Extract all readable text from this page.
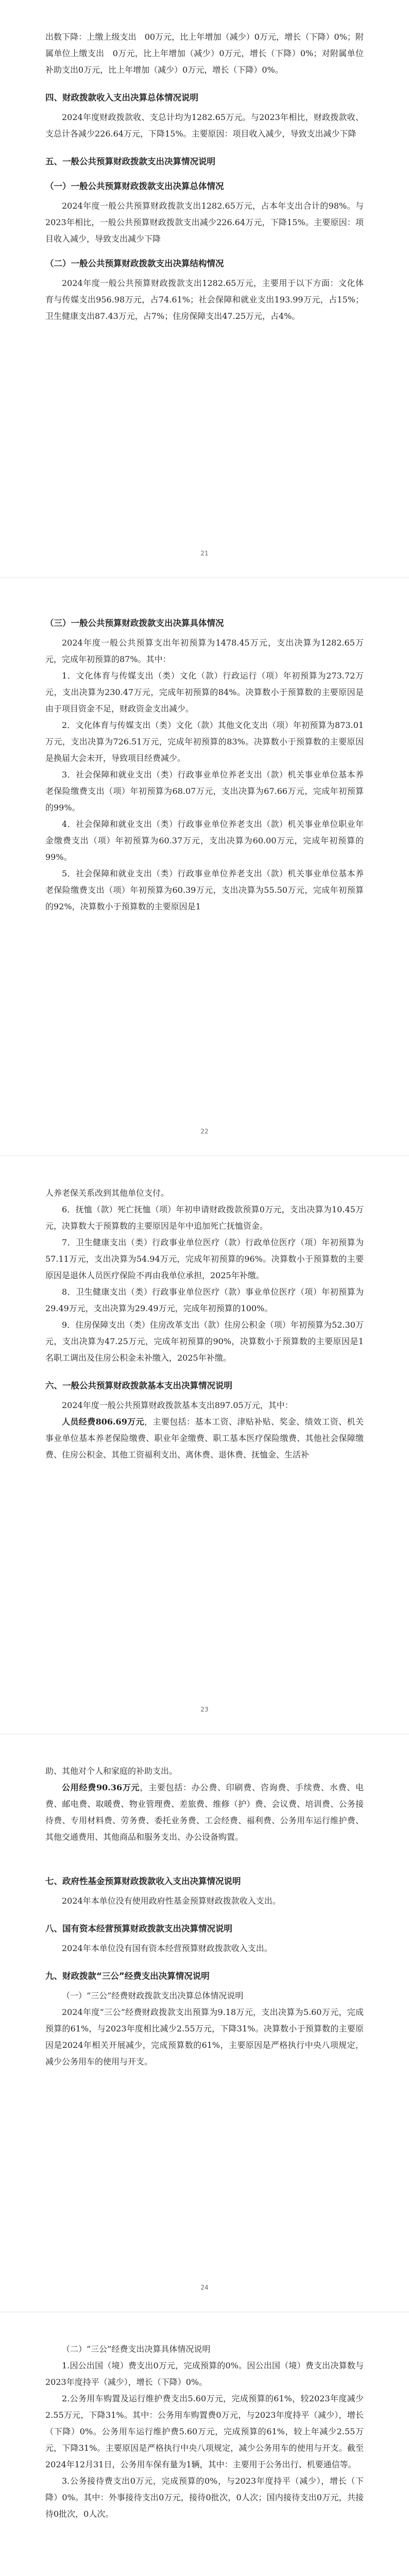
出数下降：上缴上级支出　00万元，比上年增加（减少）0万元，增长（下降）0%；附属单位上缴支出　0万元，比上年增加（减少）0万元，增长（下降）0%；对附属单位补助支出0万元，比上年增加（减少）0万元，增长（下降）0%。

四、财政拨款收入支出决算总体情况说明

2024年度财政拨款收、支总计均为1282.65万元。与2023年相比，财政拨款收、支总计各减少226.64万元，下降15%。主要原因：项目收入减少，导致支出减少下降

五、一般公共预算财政拨款支出决算情况说明

（一）一般公共预算财政拨款支出决算总体情况

2024年度一般公共预算财政拨款支出1282.65万元，占本年支出合计的98%。与2023年相比，一般公共预算财政拨款支出减少226.64万元，下降15%。主要原因：项目收入减少，导致支出减少下降

（二）一般公共预算财政拨款支出决算结构情况

2024年度一般公共预算财政拨款支出1282.65万元，主要用于以下方面：文化体育与传媒支出956.98万元，占74.61%；社会保障和就业支出193.99万元，占15%；卫生健康支出87.43万元，占7%；住房保障支出47.25万元，占4%。

21

（三）一般公共预算财政拨款支出决算具体情况

2024年度一般公共预算支出年初预算为1478.45万元，支出决算为1282.65万元，完成年初预算的87%。其中：

1．文化体育与传媒支出（类）文化（款）行政运行（项）年初预算为273.72万元，支出决算为230.47万元，完成年初预算的84%。决算数小于预算数的主要原因是由于项目资金不足，财政资金支出减少。

2．文化体育与传媒支出（类）文化（款）其他文化支出（项）年初预算为873.01万元，支出决算为726.51万元，完成年初预算的83%。决算数小于预算数的主要原因是换届大会未开，导致项目经费减少。

3．社会保障和就业支出（类）行政事业单位养老支出（款）机关事业单位基本养老保险缴费支出（项）年初预算为68.07万元，支出决算为67.66万元，完成年初预算的99%。

4．社会保障和就业支出（类）行政事业单位养老支出（款）机关事业单位职业年金缴费支出（项）年初预算为60.37万元，支出决算为60.00万元，完成年初预算的99%。

5．社会保障和就业支出（类）行政事业单位养老支出（款）机关事业单位基本养老保险缴费支出（项）年初预算为60.39万元，支出决算为55.50万元，完成年初预算的92%，决算数小于预算数的主要原因是1

22

人养老保关系改到其他单位支付。

6．抚恤（款）死亡抚恤（项）年初申请财政拨款预算0万元，支出决算为10.45万元，决算数大于预算数的主要原因是年中追加死亡抚恤资金。

7．卫生健康支出（类）行政事业单位医疗（款）行政单位医疗（项）年初预算为57.11万元，支出决算为54.94万元，完成年初预算的96%。决算数小于预算数的主要原因是退休人员医疗保险不再由我单位承担，2025年补缴。

8．卫生健康支出（类）行政事业单位医疗（款）事业单位医疗（项）年初预算为29.49万元，支出决算为29.49万元，完成年初预算的100%。

9．住房保障支出（类）住房改革支出（款）住房公积金（项）年初预算为52.30万元，支出决算为47.25万元，完成年初预算的90%，决算数小于预算数的主要原因是1名职工调出及住房公积金未补缴入，2025年补缴。

六、一般公共预算财政拨款基本支出决算情况说明

2024年度一般公共预算财政拨款基本支出897.05万元，其中：

人员经费806.69万元，主要包括：基本工资、津贴补贴、奖金、绩效工资、机关事业单位基本养老保险缴费、职业年金缴费、职工基本医疗保险缴费、其他社会保障缴费、住房公积金、其他工资福利支出、离休费、退休费、抚恤金、生活补

23

助、其他对个人和家庭的补助支出。

公用经费90.36万元，主要包括：办公费、印刷费、咨询费、手续费、水费、电费、邮电费、取暖费、物业管理费、差旅费、维修（护）费、会议费、培训费、公务接待费、专用材料费、劳务费、委托业务费、工会经费、福利费、公务用车运行维护费、其他交通费用、其他商品和服务支出、办公设备购置。

七、政府性基金预算财政拨款收入支出决算情况说明

2024年本单位没有使用政府性基金预算财政拨款收入支出。

八、国有资本经营预算财政拨款支出决算情况说明

2024年本单位没有国有资本经营预算财政拨款收入支出。

九、财政拨款“三公”经费支出决算情况说明

（一）“三公”经费财政拨款支出决算总体情况说明

2024年度“三公”经费财政拨款支出预算为9.18万元，支出决算为5.60万元，完成预算的61%，与2023年度相比减少2.55万元，下降31%。决算数小于预算数的主要原因是2024年相关开展减少，完成预算数的61%，主要原因是严格执行中央八项规定，减少公务用车的使用与开支。

24

（二）“三公”经费支出决算具体情况说明

1.因公出国（境）费支出0万元，完成预算的0%。因公出国（境）费支出决算数与2023年度持平（减少），增长（下降）0%。

2.公务用车购置及运行维护费支出5.60万元，完成预算的61%，较2023年度减少2.55万元，下降31%。其中：公务用车购置费0万元，与2023年度持平（减少），增长（下降）0%。公务用车运行维护费5.60万元，完成预算的61%，较上年减少2.55万元，下降31%。主要原因是严格执行中央八项规定，减少公务用车的使用与开支。截至2024年12月31日，公务用车保有量为1辆，其中：主要用于公务出行、机要通信等。

3.公务接待费支出0万元，完成预算的0%，与2023年度持平（减少），增长（下降）0%。其中：外事接待支出0万元，接待0批次，0人次；国内接待支出0万元，共接待0批次，0人次。
